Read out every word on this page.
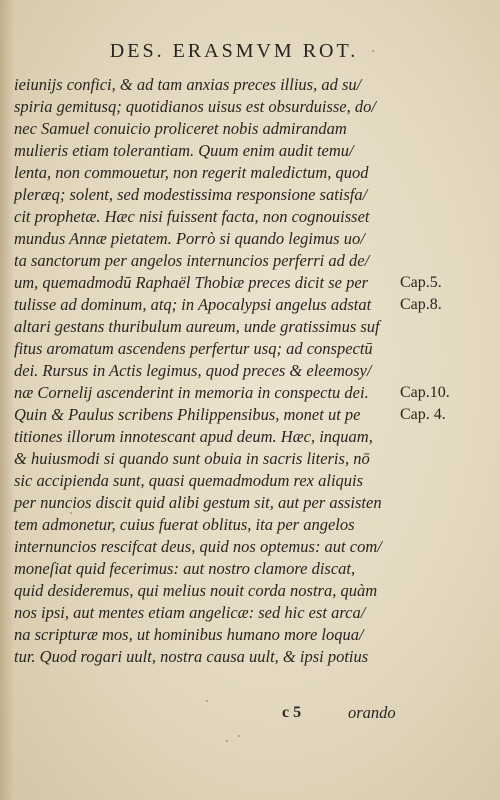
DES. ERASMVM ROT.
ieiunijs confici, & ad tam anxias preces illius, ad su/
spiria gemitusq; quotidianos uisus est obsurduisse, do/
nec Samuel conuicio proliceret nobis admirandam
mulieris etiam tolerantiam. Quum enim audit temu/
lenta, non commouetur, non regerit maledictum, quod
pleræq; solent, sed modestissima responsione satisfa/
cit prophetæ. Hæc nisi fuissent facta, non cognouisset
mundus Annæ pietatem. Porrò si quando legimus uo/
ta sanctorum per angelos internuncios perferri ad de/
um, quemadmodū Raphaël Thobiæ preces dicit se per Cap.5.
tulisse ad dominum, atq; in Apocalypsi angelus adstat Cap.8.
altari gestans thuribulum aureum, unde gratissimus suf
fitus aromatum ascendens perfertur usq; ad conspectū
dei. Rursus in Actis legimus, quod preces & eleemosy/
næ Cornelij ascenderint in memoria in conspectu dei. Cap.10.
Quin & Paulus scribens Philippensibus, monet ut pe Cap. 4.
titiones illorum innotescant apud deum. Hæc, inquam,
& huiusmodi si quando sunt obuia in sacris literis, nō
sic accipienda sunt, quasi quemadmodum rex aliquis
per nuncios discit quid alibi gestum sit, aut per assisten
tem admonetur, cuius fuerat oblitus, ita per angelos
internuncios rescifcat deus, quid nos optemus: aut com/
moneſiat quid fecerimus: aut nostro clamore discat,
quid desideremus, qui melius nouit corda nostra, quàm
nos ipsi, aut mentes etiam angelicæ: sed hic est arca/
na scripturæ mos, ut hominibus humano more loqua/
tur. Quod rogari uult, nostra causa uult, & ipsi potius
c 5	orando
